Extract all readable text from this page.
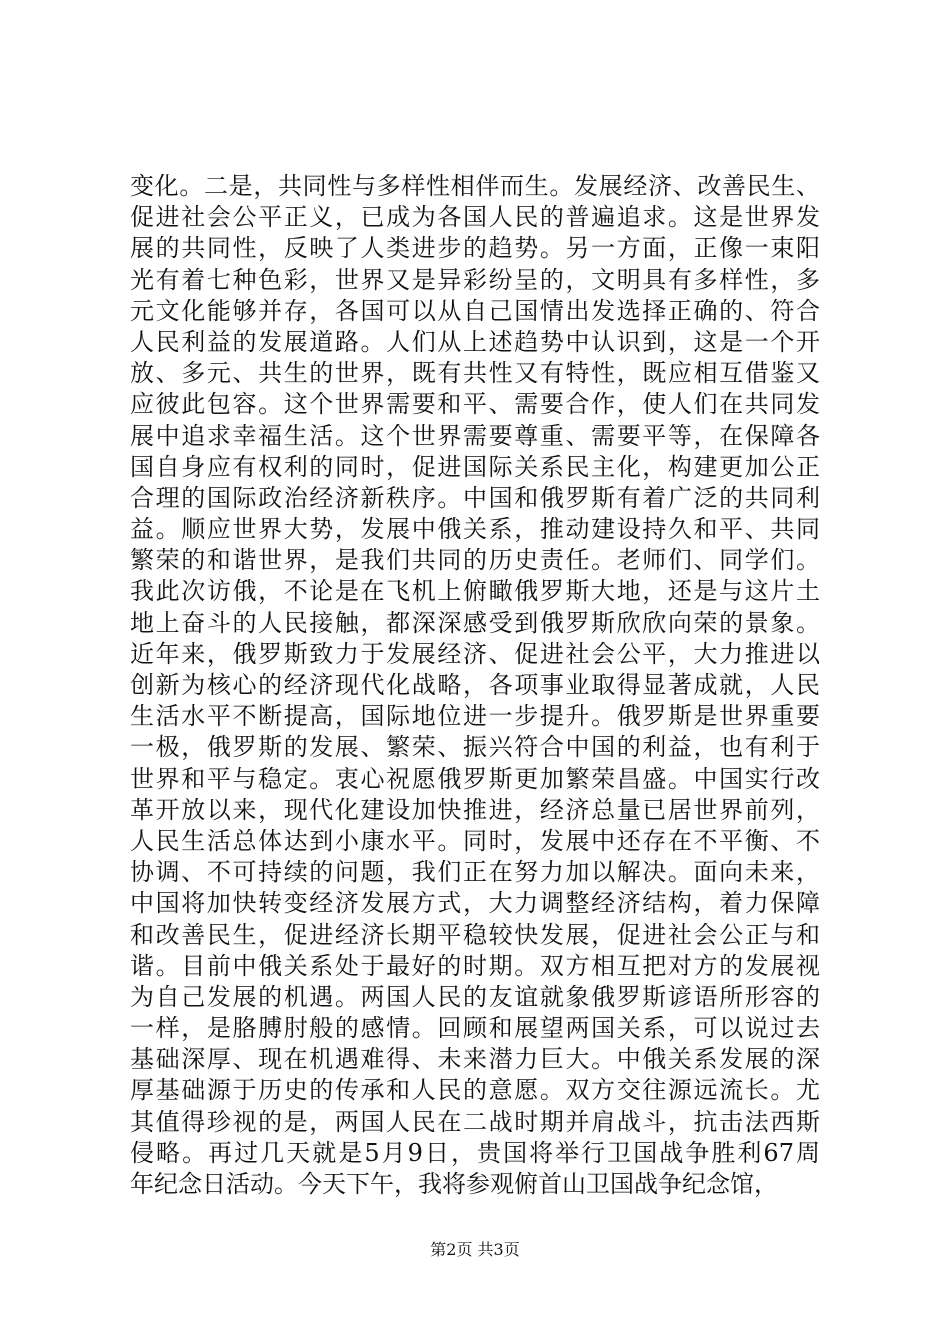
变化。二是，共同性与多样性相伴而生。发展经济、改善民生、
促进社会公平正义，已成为各国人民的普遍追求。这是世界发
展的共同性，反映了人类进步的趋势。另一方面，正像一束阳
光有着七种色彩，世界又是异彩纷呈的，文明具有多样性，多
元文化能够并存，各国可以从自己国情出发选择正确的、符合
人民利益的发展道路。人们从上述趋势中认识到，这是一个开
放、多元、共生的世界，既有共性又有特性，既应相互借鉴又
应彼此包容。这个世界需要和平、需要合作，使人们在共同发
展中追求幸福生活。这个世界需要尊重、需要平等，在保障各
国自身应有权利的同时，促进国际关系民主化，构建更加公正
合理的国际政治经济新秩序。中国和俄罗斯有着广泛的共同利
益。顺应世界大势，发展中俄关系，推动建设持久和平、共同
繁荣的和谐世界，是我们共同的历史责任。老师们、同学们。
我此次访俄，不论是在飞机上俯瞰俄罗斯大地，还是与这片土
地上奋斗的人民接触，都深深感受到俄罗斯欣欣向荣的景象。
近年来，俄罗斯致力于发展经济、促进社会公平，大力推进以
创新为核心的经济现代化战略，各项事业取得显著成就，人民
生活水平不断提高，国际地位进一步提升。俄罗斯是世界重要
一极，俄罗斯的发展、繁荣、振兴符合中国的利益，也有利于
世界和平与稳定。衷心祝愿俄罗斯更加繁荣昌盛。中国实行改
革开放以来，现代化建设加快推进，经济总量已居世界前列，
人民生活总体达到小康水平。同时，发展中还存在不平衡、不
协调、不可持续的问题，我们正在努力加以解决。面向未来，
中国将加快转变经济发展方式，大力调整经济结构，着力保障
和改善民生，促进经济长期平稳较快发展，促进社会公正与和
谐。目前中俄关系处于最好的时期。双方相互把对方的发展视
为自己发展的机遇。两国人民的友谊就象俄罗斯谚语所形容的
一样，是胳膊肘般的感情。回顾和展望两国关系，可以说过去
基础深厚、现在机遇难得、未来潜力巨大。中俄关系发展的深
厚基础源于历史的传承和人民的意愿。双方交往源远流长。尤
其值得珍视的是，两国人民在二战时期并肩战斗，抗击法西斯
侵略。再过几天就是5月9日，贵国将举行卫国战争胜利67周
年纪念日活动。今天下午，我将参观俯首山卫国战争纪念馆，
第2页 共3页
